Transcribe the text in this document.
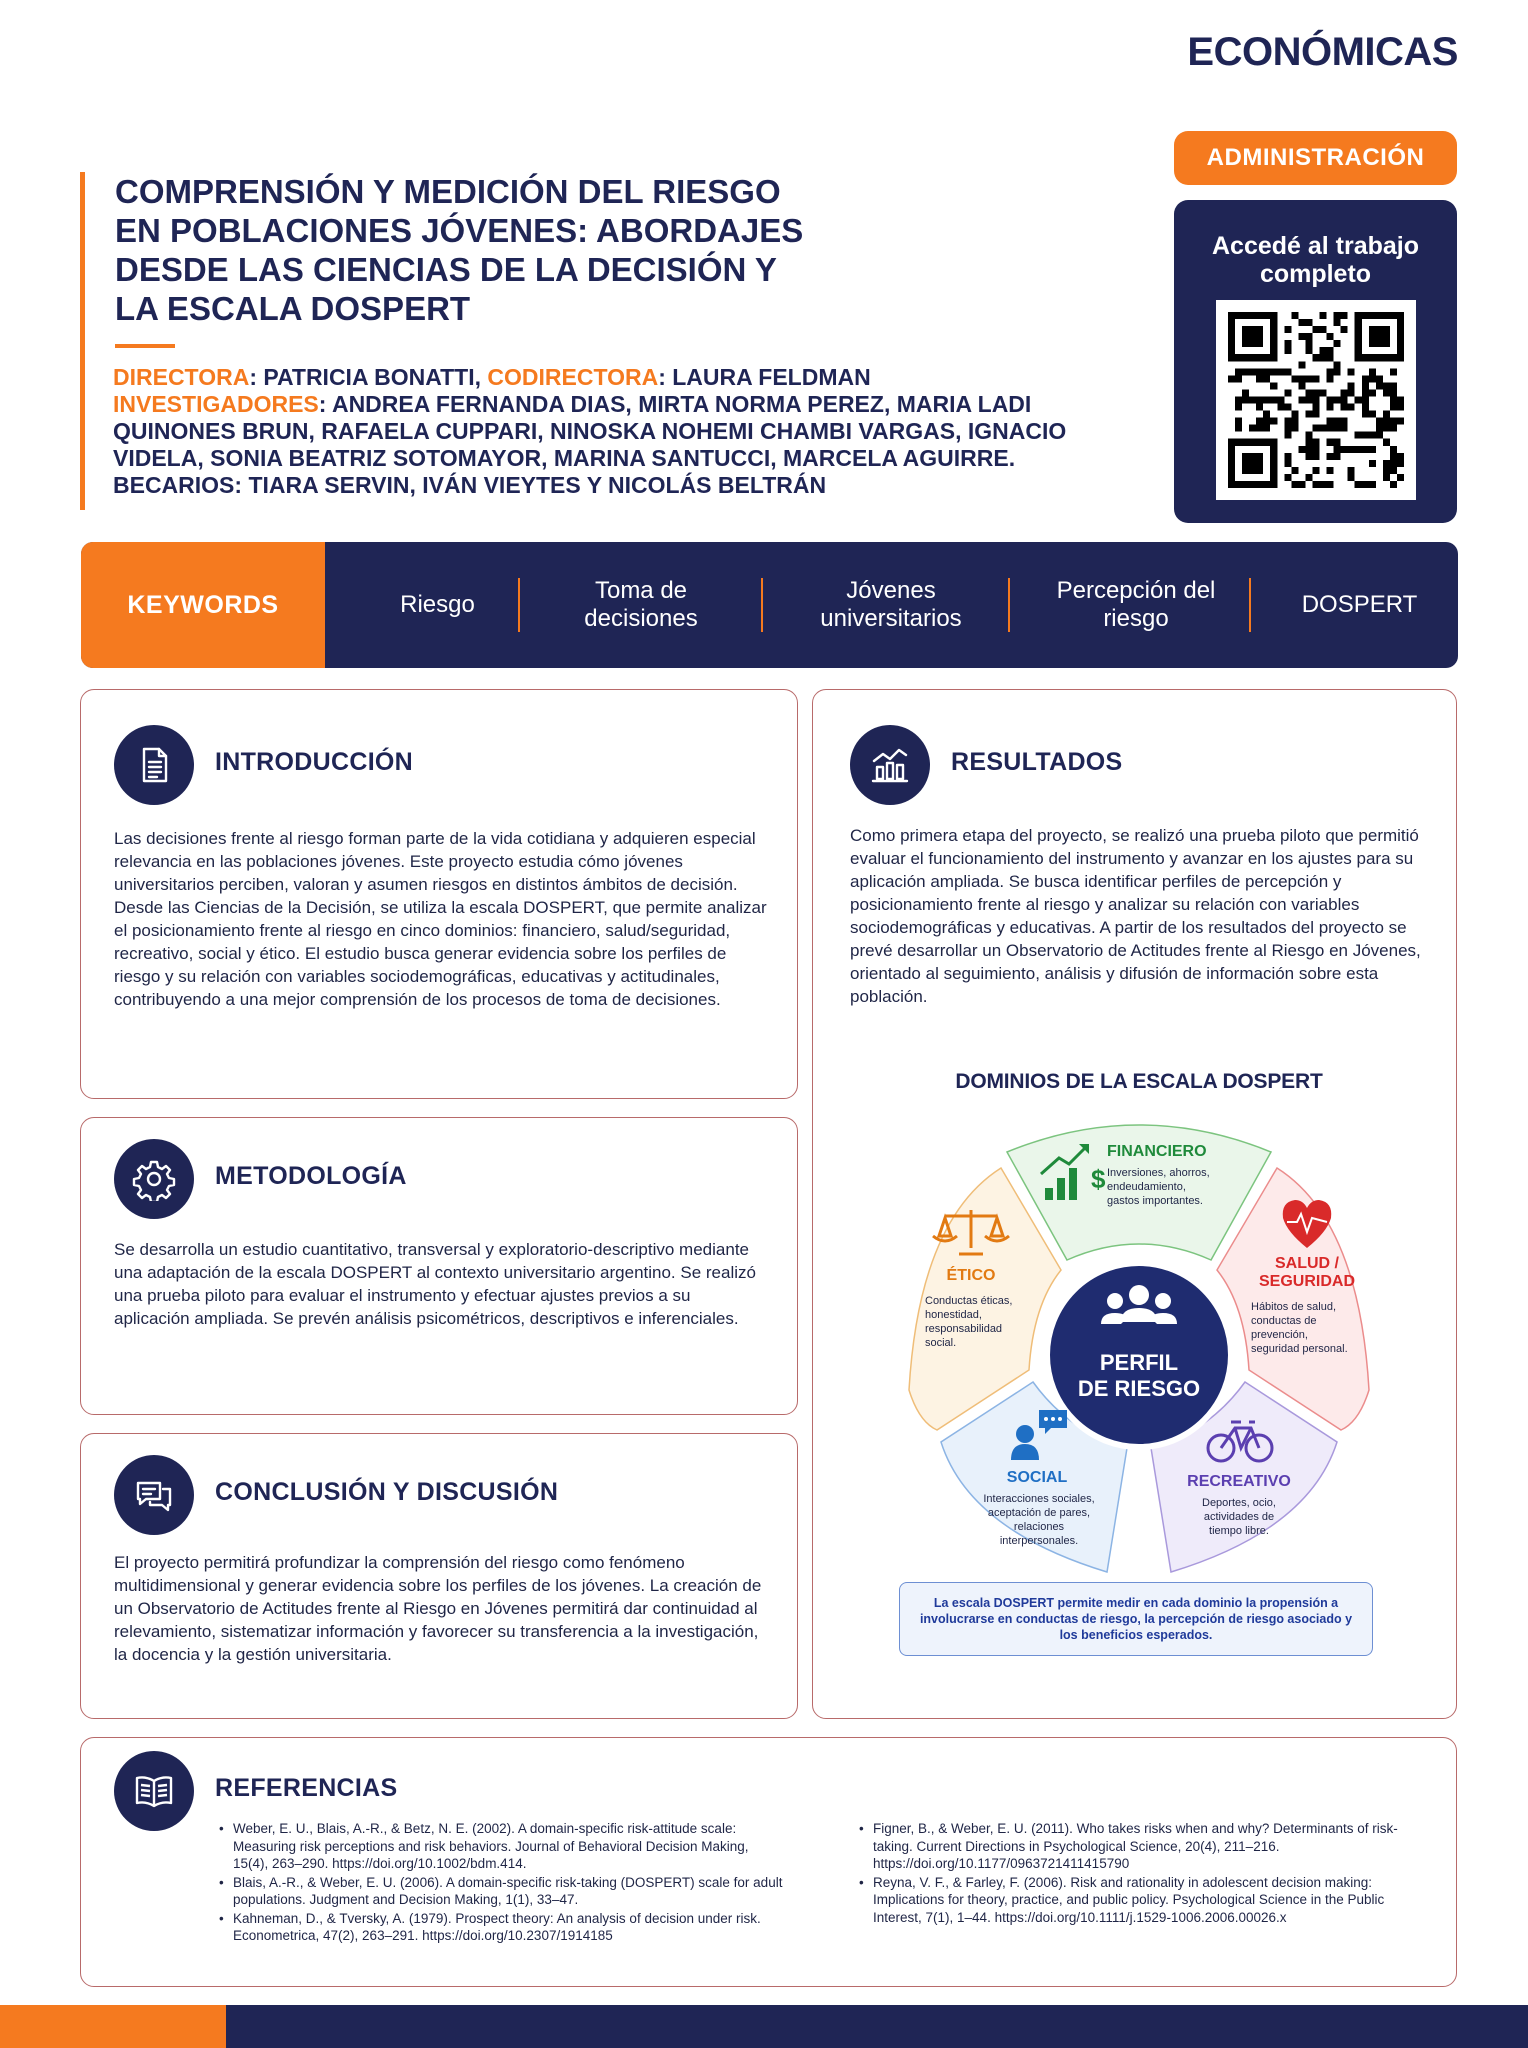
SEMANA DE LA CIENCIA 2026	.UBAECONÓMICAS
COMPRENSIÓN Y MEDICIÓN DEL RIESGO EN POBLACIONES JÓVENES: ABORDAJES DESDE LAS CIENCIAS DE LA DECISIÓN Y LA ESCALA DOSPERT
DIRECTORA: PATRICIA BONATTI, CODIRECTORA: LAURA FELDMAN
INVESTIGADORES: ANDREA FERNANDA DIAS, MIRTA NORMA PEREZ, MARIA LADI QUINONES BRUN, RAFAELA CUPPARI, NINOSKA NOHEMI CHAMBI VARGAS, IGNACIO VIDELA, SONIA BEATRIZ SOTOMAYOR, MARINA SANTUCCI, MARCELA AGUIRRE. BECARIOS: TIARA SERVIN, IVÁN VIEYTES Y NICOLÁS BELTRÁN
ADMINISTRACIÓN
Accedé al trabajo completo
KEYWORDS	Riesgo
Toma de decisiones
Jóvenes universitarios
Percepción del riesgo
DOSPERT
INTRODUCCIÓN
Las decisiones frente al riesgo forman parte de la vida cotidiana y adquieren especial relevancia en las poblaciones jóvenes. Este proyecto estudia cómo jóvenes universitarios perciben, valoran y asumen riesgos en distintos ámbitos de decisión. Desde las Ciencias de la Decisión, se utiliza la escala DOSPERT, que permite analizar el posicionamiento frente al riesgo en cinco dominios: financiero, salud/seguridad, recreativo, social y ético. El estudio busca generar evidencia sobre los perfiles de riesgo y su relación con variables sociodemográficas, educativas y actitudinales, contribuyendo a una mejor comprensión de los procesos de toma de decisiones.
METODOLOGÍA
Se desarrolla un estudio cuantitativo, transversal y exploratorio-descriptivo mediante una adaptación de la escala DOSPERT al contexto universitario argentino. Se realizó una prueba piloto para evaluar el instrumento y efectuar ajustes previos a su aplicación ampliada. Se prevén análisis psicométricos, descriptivos e inferenciales.
CONCLUSIÓN Y DISCUSIÓN
El proyecto permitirá profundizar la comprensión del riesgo como fenómeno multidimensional y generar evidencia sobre los perfiles de los jóvenes. La creación de un Observatorio de Actitudes frente al Riesgo en Jóvenes permitirá dar continuidad al relevamiento, sistematizar información y favorecer su transferencia a la investigación, la docencia y la gestión universitaria.
RESULTADOS
Como primera etapa del proyecto, se realizó una prueba piloto que permitió evaluar el funcionamiento del instrumento y avanzar en los ajustes para su aplicación ampliada. Se busca identificar perfiles de percepción y posicionamiento frente al riesgo y analizar su relación con variables sociodemográficas y educativas. A partir de los resultados del proyecto se prevé desarrollar un Observatorio de Actitudes frente al Riesgo en Jóvenes, orientado al seguimiento, análisis y difusión de información sobre esta población.
DOMINIOS DE LA ESCALA DOSPERT
PERFIL
DE RIESGO
$
FINANCIERO
Inversiones, ahorros, endeudamiento, gastos importantes.
SALUD / SEGURIDAD
Hábitos de salud, conductas de prevención, seguridad personal.
RECREATIVO
Deportes, ocio, actividades de tiempo libre.
SOCIAL
Interacciones sociales, aceptación de pares, relaciones interpersonales.
ÉTICO
Conductas éticas, honestidad, responsabilidad social.
La escala DOSPERT permite medir en cada dominio la propensión a involucrarse en conductas de riesgo, la percepción de riesgo asociado y los beneficios esperados.
REFERENCIAS
• Weber, E. U., Blais, A.-R., & Betz, N. E. (2002). A domain-specific risk-attitude scale: Measuring risk perceptions and risk behaviors. Journal of Behavioral Decision Making, 15(4), 263–290. https://doi.org/10.1002/bdm.414.
• Blais, A.-R., & Weber, E. U. (2006). A domain-specific risk-taking (DOSPERT) scale for adult populations. Judgment and Decision Making, 1(1), 33–47.
• Kahneman, D., & Tversky, A. (1979). Prospect theory: An analysis of decision under risk. Econometrica, 47(2), 263–291. https://doi.org/10.2307/1914185
• Figner, B., & Weber, E. U. (2011). Who takes risks when and why? Determinants of risk-taking. Current Directions in Psychological Science, 20(4), 211–216. https://doi.org/10.1177/0963721411415790
• Reyna, V. F., & Farley, F. (2006). Risk and rationality in adolescent decision making: Implications for theory, practice, and public policy. Psychological Science in the Public Interest, 7(1), 1–44. https://doi.org/10.1111/j.1529-1006.2006.00026.x
